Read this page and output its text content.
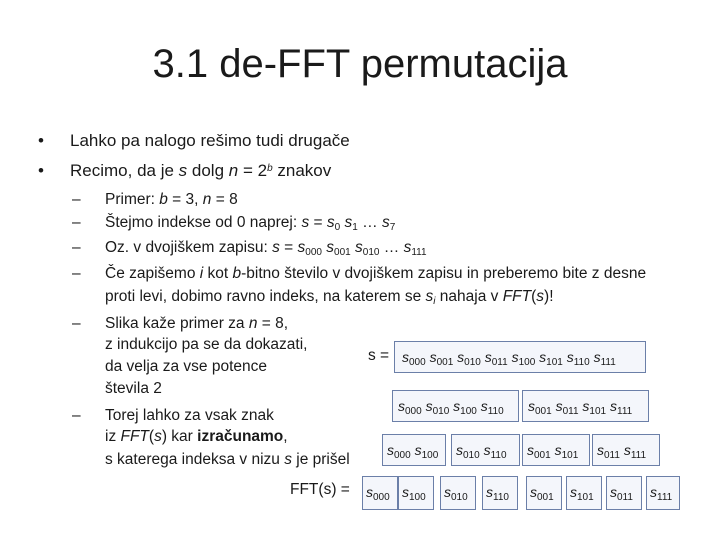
3.1 de-FFT permutacija
• Lahko pa nalogo rešimo tudi drugače
• Recimo, da je s dolg $n = 2^b$ znakov
– Primer: b = 3, n = 8
– Štejmo indekse od 0 naprej: $s = s_0$ $s_1$ … $s_7$
– Oz. v dvojiškem zapisu: $s = s_{000}$ $s_{001}$ $s_{010}$ … $s_{111}$
– Če zapišemo i kot b-bitno število v dvojiškem zapisu in preberemo bite z desne
proti levi, dobimo ravno indeks, na katerem se $s_i$ nahaja v FFT(s)!
– Slika kaže primer za n = 8,
z indukcijo pa se da dokazati,
da velja za vse potence
števila 2
– Torej lahko za vsak znak
iz FFT(s) kar izračunamo,
s katerega indeksa v nizu s je prišel
$s = s_{000}$ $s_{001}$ $s_{010}$ $s_{011}$ $s_{100}$ $s_{101}$ $s_{110}$ $s_{111}$
$s_{000}$ $s_{010}$ $s_{100}$ $s_{110}$ $s_{001}$ $s_{011}$ $s_{101}$ $s_{111}$
$s_{000}$ $s_{100}$ $s_{010}$ $s_{110}$ $s_{001}$ $s_{101}$ $s_{011}$ $s_{111}$
$FFT(s) = s_{000}$ $s_{100}$ $s_{010}$ $s_{110}$ $s_{001}$ $s_{101}$ $s_{011}$ $s_{111}$
